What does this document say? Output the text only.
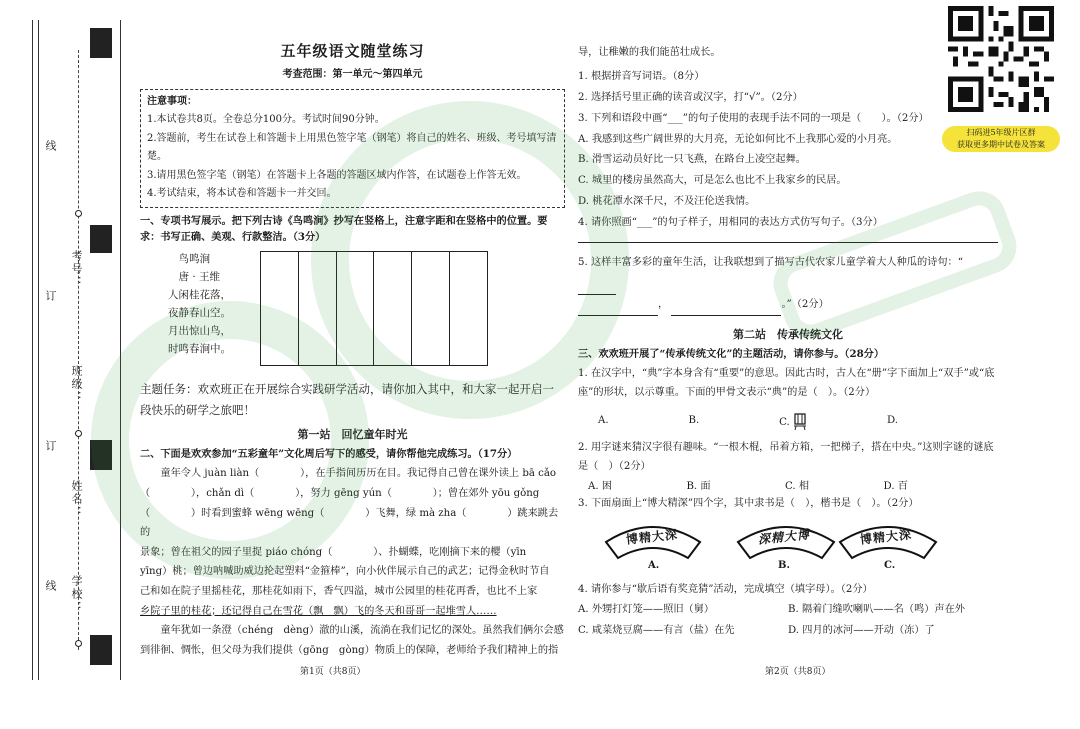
线
订
考号：
班级：
姓名：
学校：
订
线
五年级语文随堂练习
考查范围：第一单元～第四单元
注意事项：
1.本试卷共8页。全卷总分100分。考试时间90分钟。
2.答题前，考生在试卷上和答题卡上用黑色签字笔（钢笔）将自己的姓名、班级、考号填写清楚。
3.请用黑色签字笔（钢笔）在答题卡上各题的答题区域内作答，在试题卷上作答无效。
4.考试结束，将本试卷和答题卡一并交回。
一、专项书写展示。把下列古诗《鸟鸣涧》抄写在竖格上，注意字距和在竖格中的位置。要求：书写正确、美观、行款整洁。（3分）
鸟鸣涧
唐 · 王维
人闲桂花落，
夜静春山空。
月出惊山鸟，
时鸣春涧中。
主题任务：欢欢班正在开展综合实践研学活动，请你加入其中，和大家一起开启一段快乐的研学之旅吧！
第一站　回忆童年时光
二、下面是欢欢参加“五彩童年”文化周后写下的感受，请你帮他完成练习。（17分）
童年令人 juàn liàn（　　　　），在手指间历历在目。我记得自己曾在课外读上 bā cǎo
（　　　　），chǎn dì（　　　　），努力 gēng yún（　　　　）；曾在郊外 yōu gǒng
（　　　　）时看到蜜蜂 wēng wēng（　　　　）飞舞，绿 mà zha（　　　　）跳来跳去的
景象；曾在祖父的园子里捉 piáo chóng（　　　　）、扑蝴蝶，吃刚摘下来的樱（yīn
yīng）桃；曾边呐喊助威边抡起塑料“金箍棒”，向小伙伴展示自己的武艺；记得金秋时节自
己和如在院子里摇桂花，那桂花如雨下，香气四溢，城市公园里的桂花再香，也比不上家
乡院子里的桂花；还记得自己在雪花（飘　飘）飞的冬天和哥哥一起堆雪人……
童年犹如一条澄（chéng　dèng）澈的山溪，流淌在我们记忆的深处。虽然我们俩尔会感
到徘徊、惆怅，但父母为我们提供（gōng　gòng）物质上的保障，老师给予我们精神上的指
第1页（共8页）
导，让稚嫩的我们能茁壮成长。
1. 根据拼音写词语。（8分）
2. 选择括号里正确的读音或汉字，打“√”。（2分）
3. 下列和语段中画“___”的句子使用的表现手法不同的一项是（　　）。（2分）
A. 我感到这些广阔世界的大月亮，无论如何比不上我那心爱的小月亮。
B. 滑雪运动员好比一只飞燕，在路台上凌空起舞。
C. 城里的楼房虽然高大，可是怎么也比不上我家乡的民居。
D. 桃花潭水深千尺，不及汪伦送我情。
4. 请你照画“___”的句子样子，用相同的表达方式仿写句子。（3分）
5. 这样丰富多彩的童年生活，让我联想到了描写古代农家儿童学着大人种瓜的诗句：“
，	。”（2分）
第二站　传承传统文化
三、欢欢班开展了“传承传统文化”的主题活动，请你参与。（28分）
1. 在汉字中，“典”字本身含有“重要”的意思。因此古时，古人在“册”字下面加上“双手”或“底座”的形状，以示尊重。下面的甲骨文表示“典”的是（　）。（2分）
A.	B.	C.	D.
2. 用字谜来猜汉字很有趣味。“一根木棍，吊着方箱，一把梯子，搭在中央。”这则字谜的谜底是（　）（2分）
A. 困	B. 面	C. 相	D. 百
3. 下面扇面上“博大精深”四个字，其中隶书是（　），楷书是（　）。（2分）
博精大深	深精大博	博精大深
A.	B.	C.
4. 请你参与“歇后语有奖竞猜”活动，完成填空（填字母）。（2分）
A. 外甥打灯笼——照旧（舅）	B. 隔着门缝吹喇叭——名（鸣）声在外
C. 咸菜烧豆腐——有言（盐）在先	D. 四月的冰河——开动（冻）了
第2页（共8页）
扫码进5年级片区群
获取更多期中试卷及答案
